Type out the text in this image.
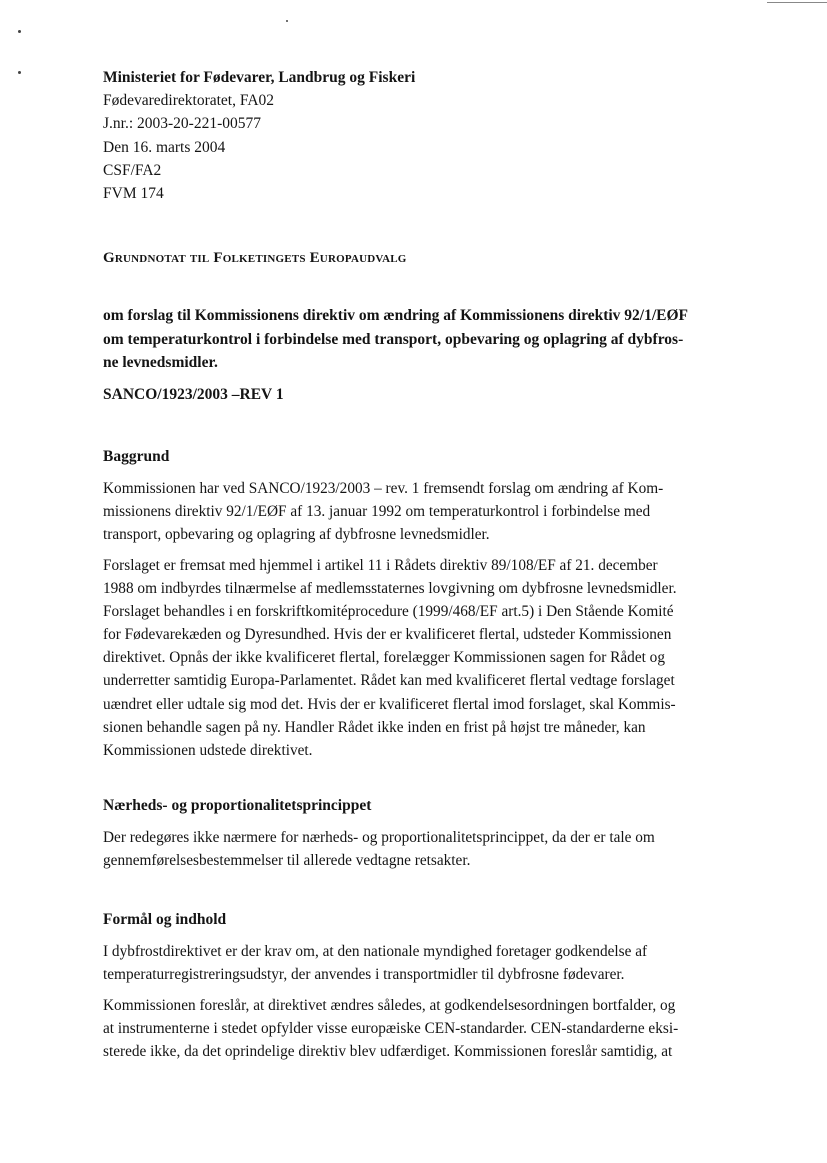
Ministeriet for Fødevarer, Landbrug og Fiskeri
Fødevaredirektoratet, FA02
J.nr.: 2003-20-221-00577
Den 16. marts 2004
CSF/FA2
FVM 174
Grundnotat til Folketingets Europaudvalg
om forslag til Kommissionens direktiv om ændring af Kommissionens direktiv 92/1/EØF
om temperaturkontrol i forbindelse med transport, opbevaring og oplagring af dybfros-
ne levnedsmidler.
SANCO/1923/2003 –REV 1
Baggrund
Kommissionen har ved SANCO/1923/2003 – rev. 1 fremsendt forslag om ændring af Kom-
missionens direktiv 92/1/EØF af 13. januar 1992 om temperaturkontrol i forbindelse med
transport, opbevaring og oplagring af dybfrosne levnedsmidler.
Forslaget er fremsat med hjemmel i artikel 11 i Rådets direktiv 89/108/EF af 21. december
1988 om indbyrdes tilnærmelse af medlemsstaternes lovgivning om dybfrosne levnedsmidler.
Forslaget behandles i en forskriftkomitéprocedure (1999/468/EF art.5) i Den Stående Komité
for Fødevarekæden og Dyresundhed. Hvis der er kvalificeret flertal, udsteder Kommissionen
direktivet. Opnås der ikke kvalificeret flertal, forelægger Kommissionen sagen for Rådet og
underretter samtidig Europa-Parlamentet. Rådet kan med kvalificeret flertal vedtage forslaget
uændret eller udtale sig mod det. Hvis der er kvalificeret flertal imod forslaget, skal Kommis-
sionen behandle sagen på ny. Handler Rådet ikke inden en frist på højst tre måneder, kan
Kommissionen udstede direktivet.
Nærheds- og proportionalitetsprincippet
Der redegøres ikke nærmere for nærheds- og proportionalitetsprincippet, da der er tale om
gennemførelsesbestemmelser til allerede vedtagne retsakter.
Formål og indhold
I dybfrostdirektivet er der krav om, at den nationale myndighed foretager godkendelse af
temperaturregistreringsudstyr, der anvendes i transportmidler til dybfrosne fødevarer.
Kommissionen foreslår, at direktivet ændres således, at godkendelsesordningen bortfalder, og
at instrumenterne i stedet opfylder visse europæiske CEN-standarder. CEN-standarderne eksi-
sterede ikke, da det oprindelige direktiv blev udfærdiget. Kommissionen foreslår samtidig, at
